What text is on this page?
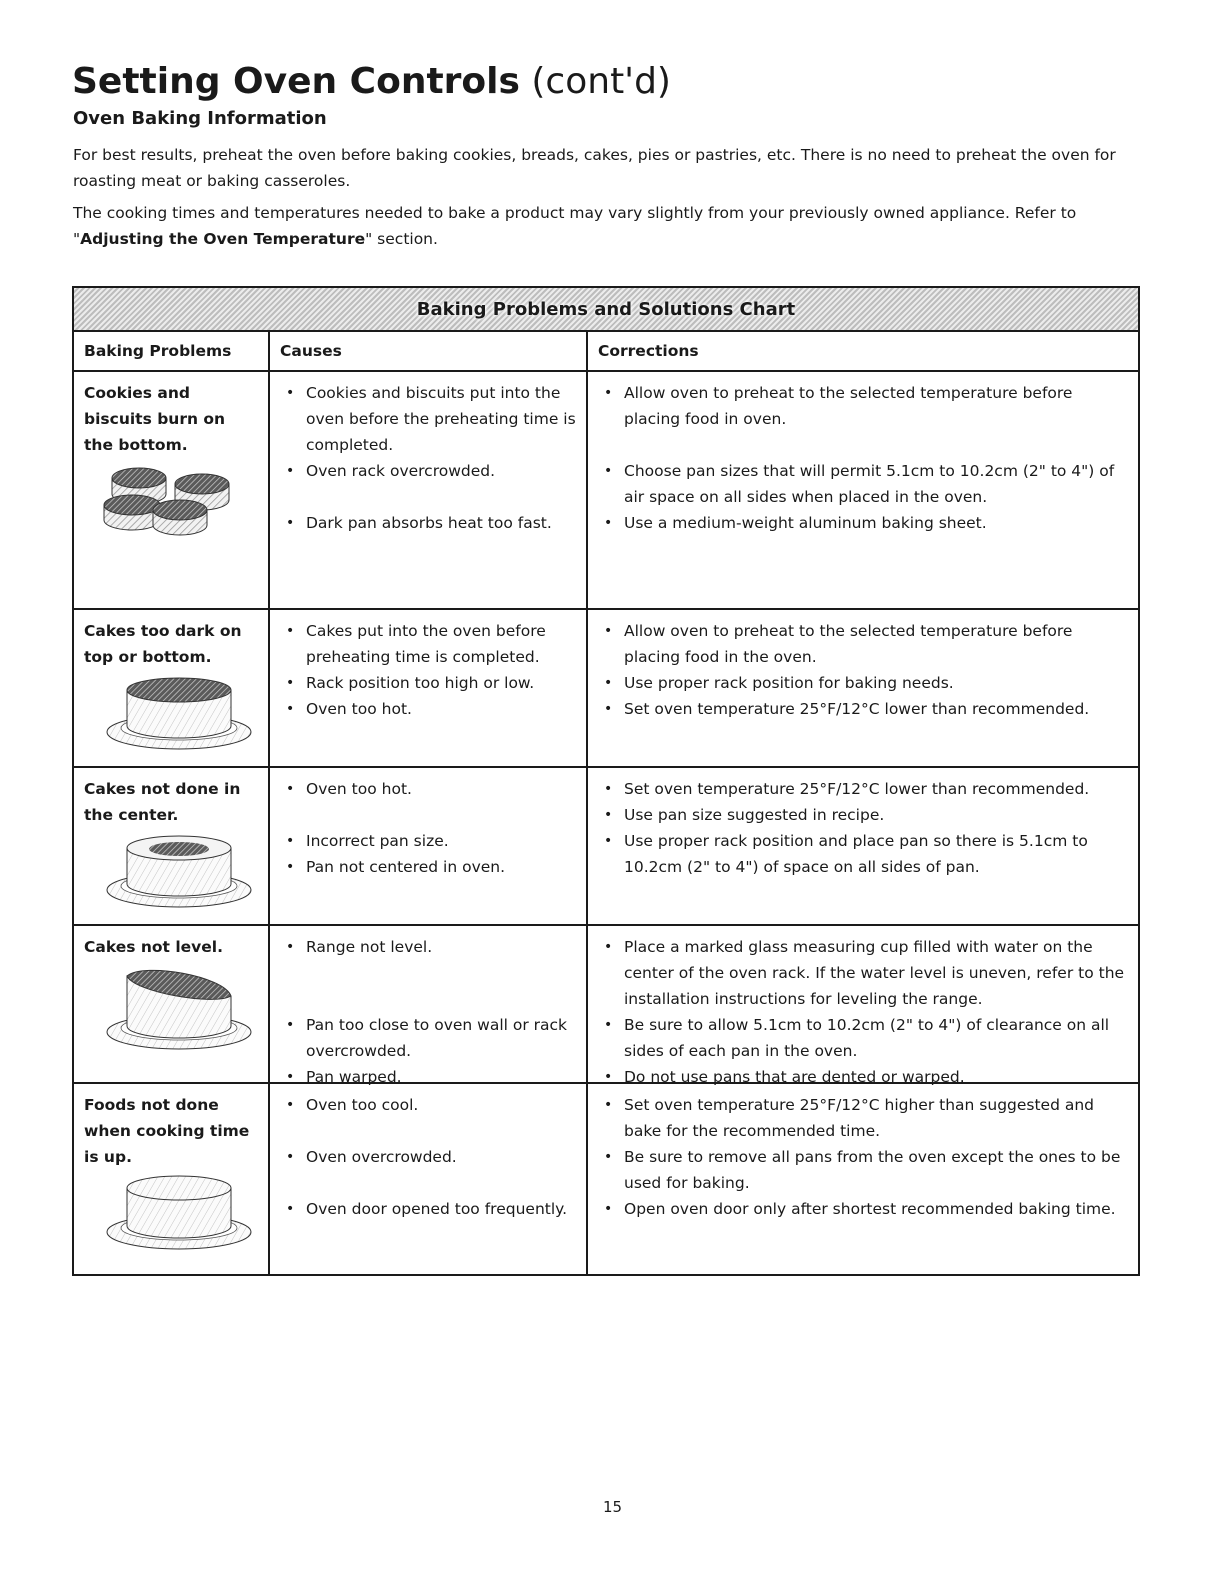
Setting Oven Controls (cont'd)
Oven Baking Information
For best results, preheat the oven before baking cookies, breads, cakes, pies or pastries, etc. There is no need to preheat the oven for roasting meat or baking casseroles.
The cooking times and temperatures needed to bake a product may vary slightly from your previously owned appliance. Refer to "Adjusting the Oven Temperature" section.
Baking Problems and Solutions Chart
Baking Problems	Causes	Corrections
Cookies and biscuits burn on the bottom.
• Cookies and biscuits put into the oven before the preheating time is completed.
• Oven rack overcrowded.
• Dark pan absorbs heat too fast.
• Allow oven to preheat to the selected temperature before placing food in oven.
• Choose pan sizes that will permit 5.1cm to 10.2cm (2" to 4") of air space on all sides when placed in the oven.
• Use a medium-weight aluminum baking sheet.
Cakes too dark on top or bottom.
• Cakes put into the oven before preheating time is completed.
• Rack position too high or low.
• Oven too hot.
• Allow oven to preheat to the selected temperature before placing food in the oven.
• Use proper rack position for baking needs.
• Set oven temperature 25°F/12°C lower than recommended.
Cakes not done in the center.
• Oven too hot.
• Incorrect pan size.
• Pan not centered in oven.
• Set oven temperature 25°F/12°C lower than recommended.
• Use pan size suggested in recipe.
• Use proper rack position and place pan so there is 5.1cm to 10.2cm (2" to 4") of space on all sides of pan.
Cakes not level.
•	Range not level.
• Pan too close to oven wall or rack overcrowded.
• Pan warped.
• Place a marked glass measuring cup filled with water on the center of the oven rack. If the water level is uneven, refer to the installation instructions for leveling the range.
• Be sure to allow 5.1cm to 10.2cm (2" to 4") of clearance on all sides of each pan in the oven.
• Do not use pans that are dented or warped.
Foods not done when cooking time is up.
• Oven too cool.
• Oven overcrowded.
• Oven door opened too frequently.
• Set oven temperature 25°F/12°C higher than suggested and bake for the recommended time.
• Be sure to remove all pans from the oven except the ones to be used for baking.
• Open oven door only after shortest recommended baking time.
15
